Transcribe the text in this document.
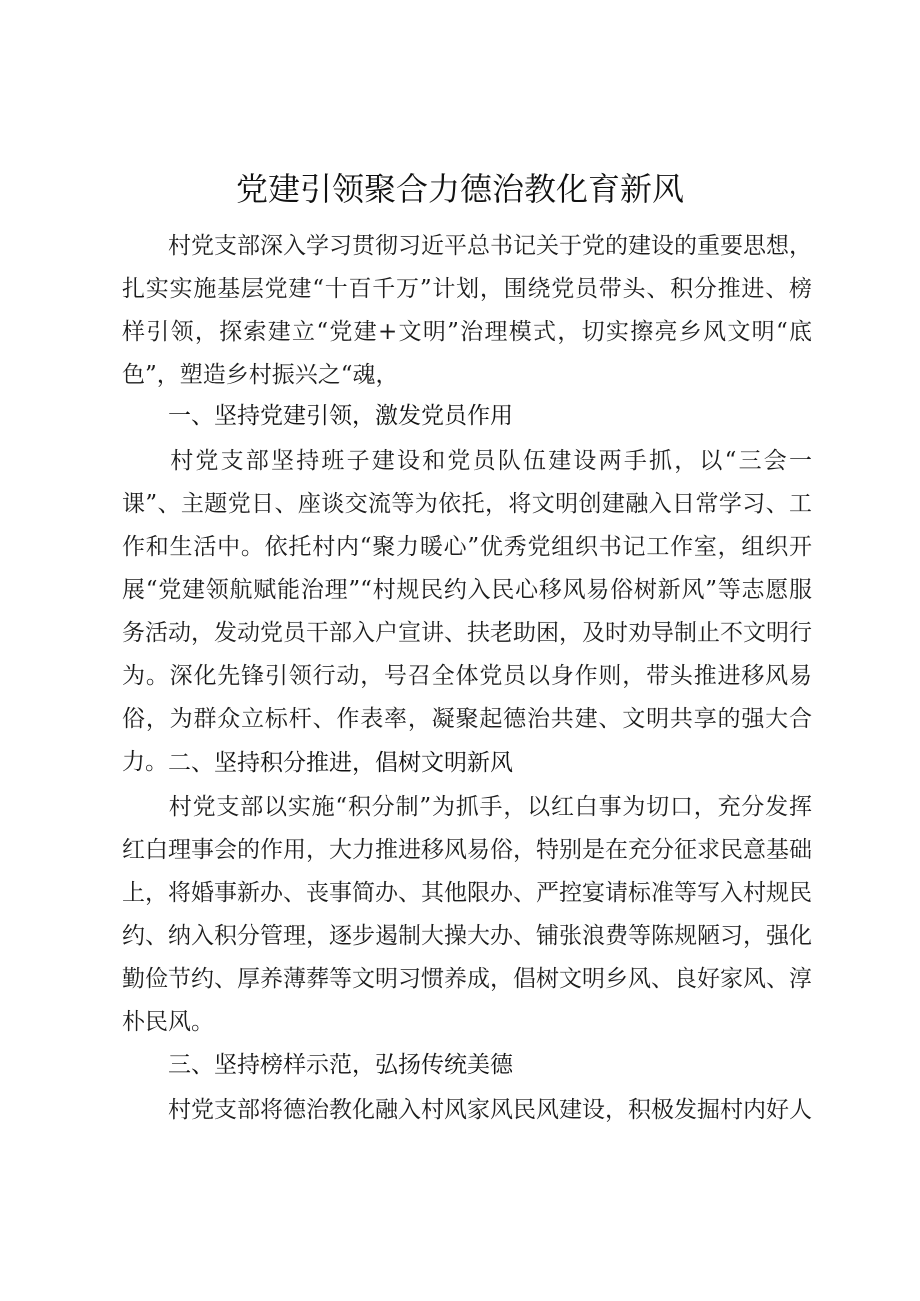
党建引领聚合力德治教化育新风

村党支部深入学习贯彻习近平总书记关于党的建设的重要思想，扎实实施基层党建“十百千万”计划，围绕党员带头、积分推进、榜样引领，探索建立“党建+文明”治理模式，切实擦亮乡风文明“底色”，塑造乡村振兴之“魂，

一、坚持党建引领，激发党员作用

村党支部坚持班子建设和党员队伍建设两手抓，以“三会一课”、主题党日、座谈交流等为依托，将文明创建融入日常学习、工作和生活中。依托村内“聚力暖心”优秀党组织书记工作室，组织开展“党建领航赋能治理”“村规民约入民心移风易俗树新风”等志愿服务活动，发动党员干部入户宣讲、扶老助困，及时劝导制止不文明行为。深化先锋引领行动，号召全体党员以身作则，带头推进移风易俗，为群众立标杆、作表率，凝聚起德治共建、文明共享的强大合力。 二、坚持积分推进，倡树文明新风

村党支部以实施“积分制”为抓手，以红白事为切口，充分发挥红白理事会的作用，大力推进移风易俗，特别是在充分征求民意基础上，将婚事新办、丧事简办、其他限办、严控宴请标准等写入村规民约、纳入积分管理，逐步遏制大操大办、铺张浪费等陈规陋习，强化勤俭节约、厚养薄葬等文明习惯养成，倡树文明乡风、良好家风、淳朴民风。

三、坚持榜样示范，弘扬传统美德

村党支部将德治教化融入村风家风民风建设，积极发掘村内好人
